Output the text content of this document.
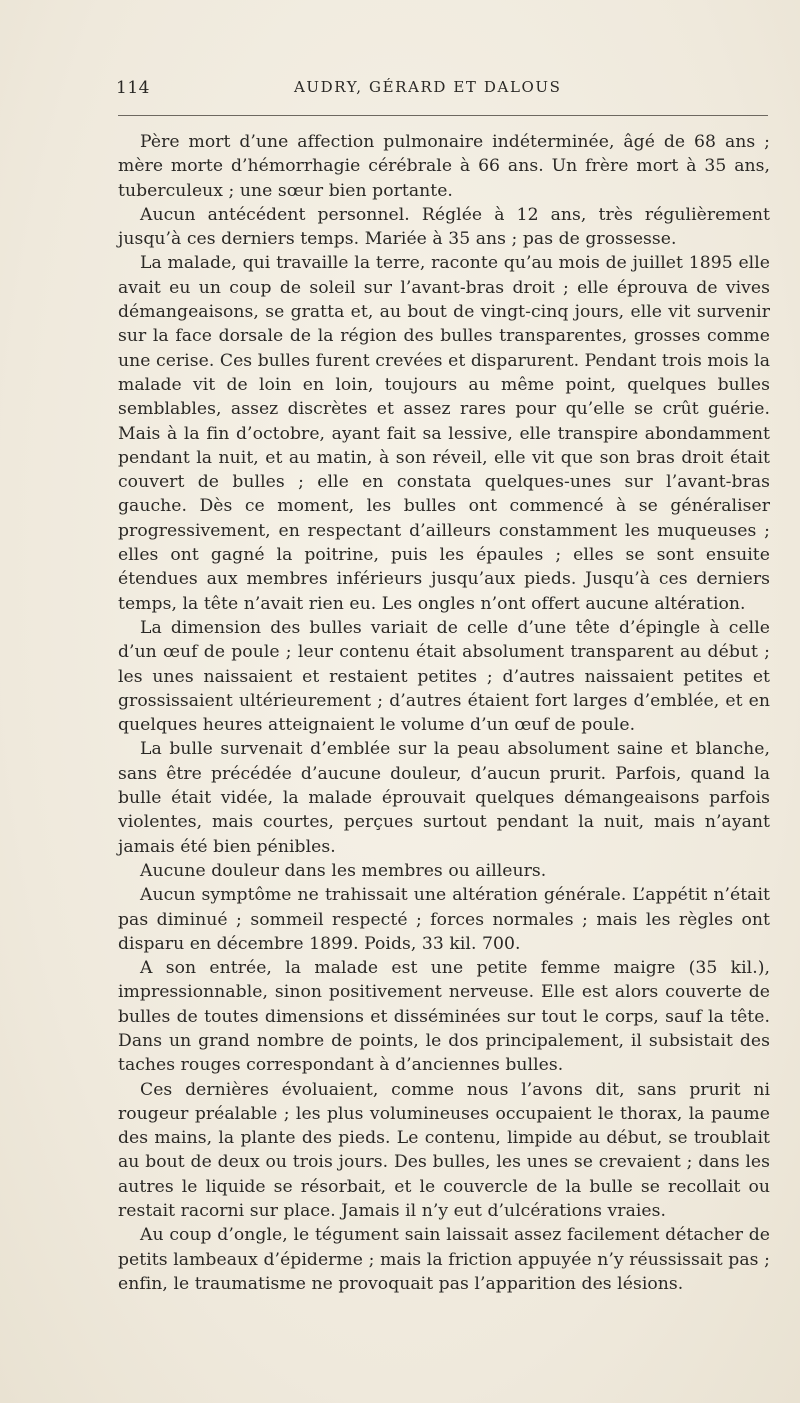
114	AUDRY, GÉRARD ET DALOUS

Père mort d’une affection pulmonaire indéterminée, âgé de 68 ans ; mère morte d’hémorrhagie cérébrale à 66 ans. Un frère mort à 35 ans, tuberculeux ; une sœur bien portante.

Aucun antécédent personnel. Réglée à 12 ans, très régulièrement jusqu’à ces derniers temps. Mariée à 35 ans ; pas de grossesse.

La malade, qui travaille la terre, raconte qu’au mois de juillet 1895 elle avait eu un coup de soleil sur l’avant-bras droit ; elle éprouva de vives démangeaisons, se gratta et, au bout de vingt-cinq jours, elle vit survenir sur la face dorsale de la région des bulles transparentes, grosses comme une cerise. Ces bulles furent crevées et disparurent. Pendant trois mois la malade vit de loin en loin, toujours au même point, quelques bulles semblables, assez discrètes et assez rares pour qu’elle se crût guérie. Mais à la fin d’octobre, ayant fait sa lessive, elle transpire abondamment pendant la nuit, et au matin, à son réveil, elle vit que son bras droit était couvert de bulles ; elle en constata quelques-unes sur l’avant-bras gauche. Dès ce moment, les bulles ont commencé à se généraliser progressivement, en respectant d’ailleurs constamment les muqueuses ; elles ont gagné la poitrine, puis les épaules ; elles se sont ensuite étendues aux membres inférieurs jusqu’aux pieds. Jusqu’à ces derniers temps, la tête n’avait rien eu. Les ongles n’ont offert aucune altération.

La dimension des bulles variait de celle d’une tête d’épingle à celle d’un œuf de poule ; leur contenu était absolument transparent au début ; les unes naissaient et restaient petites ; d’autres naissaient petites et grossissaient ultérieurement ; d’autres étaient fort larges d’emblée, et en quelques heures atteignaient le volume d’un œuf de poule.

La bulle survenait d’emblée sur la peau absolument saine et blanche, sans être précédée d’aucune douleur, d’aucun prurit. Parfois, quand la bulle était vidée, la malade éprouvait quelques démangeaisons parfois violentes, mais courtes, perçues surtout pendant la nuit, mais n’ayant jamais été bien pénibles.

Aucune douleur dans les membres ou ailleurs.

Aucun symptôme ne trahissait une altération générale. L’appétit n’était pas diminué ; sommeil respecté ; forces normales ; mais les règles ont disparu en décembre 1899. Poids, 33 kil. 700.

A son entrée, la malade est une petite femme maigre (35 kil.), impressionnable, sinon positivement nerveuse. Elle est alors couverte de bulles de toutes dimensions et disséminées sur tout le corps, sauf la tête. Dans un grand nombre de points, le dos principalement, il subsistait des taches rouges correspondant à d’anciennes bulles.

Ces dernières évoluaient, comme nous l’avons dit, sans prurit ni rougeur préalable ; les plus volumineuses occupaient le thorax, la paume des mains, la plante des pieds. Le contenu, limpide au début, se troublait au bout de deux ou trois jours. Des bulles, les unes se crevaient ; dans les autres le liquide se résorbait, et le couvercle de la bulle se recollait ou restait racorni sur place. Jamais il n’y eut d’ulcérations vraies.

Au coup d’ongle, le tégument sain laissait assez facilement détacher de petits lambeaux d’épiderme ; mais la friction appuyée n’y réussissait pas ; enfin, le traumatisme ne provoquait pas l’apparition des lésions.
